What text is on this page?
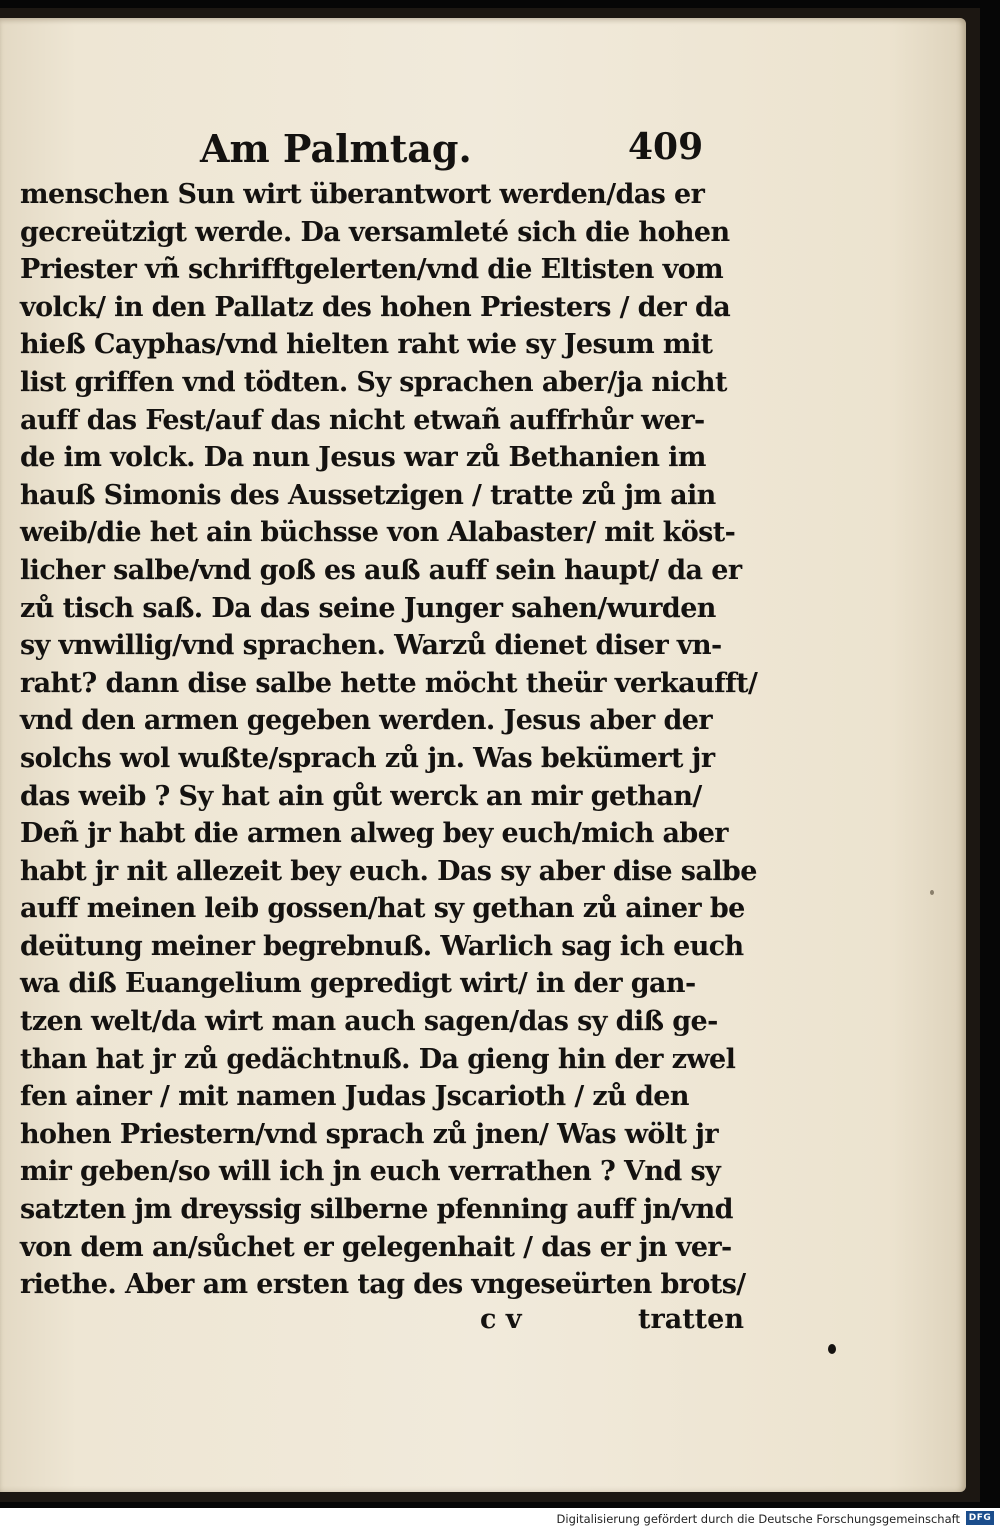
Am Palmtag.	409
menschen Sun wirt überantwort werden/das er
gecreützigt werde. Da versamleté sich die hohen
Priester vñ schrifftgelerten/vnd die Eltisten vom
volck/ in den Pallatz des hohen Priesters / der da
hieß Cayphas/vnd hielten raht wie sy Jesum mit
list griffen vnd tödten. Sy sprachen aber/ja nicht
auff das Fest/auf das nicht etwañ auffrhůr wer-
de im volck. Da nun Jesus war zů Bethanien im
hauß Simonis des Aussetzigen / tratte zů jm ain
weib/die het ain büchsse von Alabaster/ mit köst-
licher salbe/vnd goß es auß auff sein haupt/ da er
zů tisch saß. Da das seine Junger sahen/wurden
sy vnwillig/vnd sprachen. Warzů dienet diser vn-
raht? dann dise salbe hette möcht theür verkaufft/
vnd den armen gegeben werden. Jesus aber der
solchs wol wußte/sprach zů jn. Was bekümert jr
das weib ? Sy hat ain gůt werck an mir gethan/
Deñ jr habt die armen alweg bey euch/mich aber
habt jr nit allezeit bey euch. Das sy aber dise salbe
auff meinen leib gossen/hat sy gethan zů ainer be
deütung meiner begrebnuß. Warlich sag ich euch
wa diß Euangelium gepredigt wirt/ in der gan-
tzen welt/da wirt man auch sagen/das sy diß ge-
than hat jr zů gedächtnuß. Da gieng hin der zwel
fen ainer / mit namen Judas Jscarioth / zů den
hohen Priestern/vnd sprach zů jnen/ Was wölt jr
mir geben/so will ich jn euch verrathen ? Vnd sy
satzten jm dreyssig silberne pfenning auff jn/vnd
von dem an/sůchet er gelegenhait / das er jn ver-
riethe. Aber am ersten tag des vngeseürten brots/
c v	tratten
Digitalisierung gefördert durch die Deutsche Forschungsgemeinschaft DFG
